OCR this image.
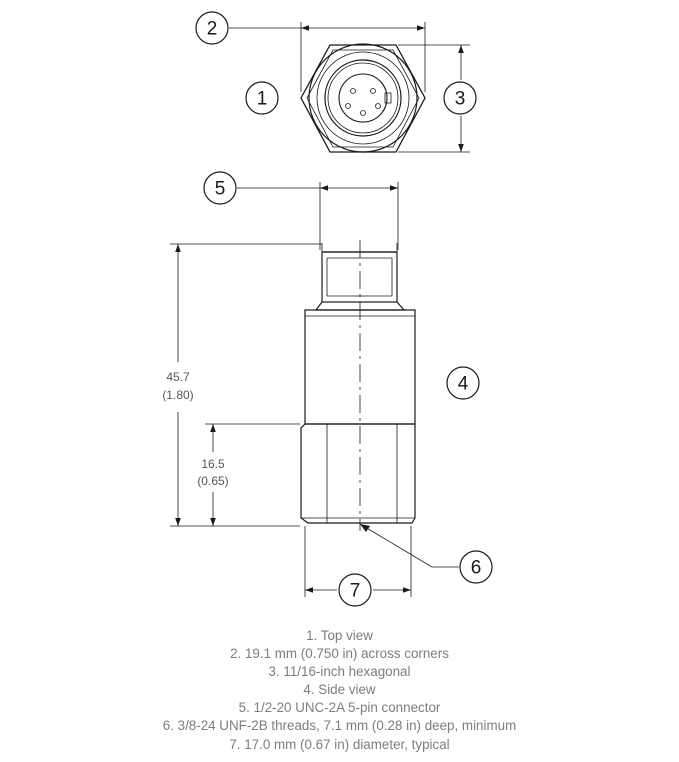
45.7
(1.80)
16.5
(0.65)
1
2
3
4
5
6
7
1. Top view
2. 19.1 mm (0.750 in) across corners
3. 11/16-inch hexagonal
4. Side view
5. 1/2-20 UNC-2A 5-pin connector
6. 3/8-24 UNF-2B threads, 7.1 mm (0.28 in) deep, minimum
7. 17.0 mm (0.67 in) diameter, typical
